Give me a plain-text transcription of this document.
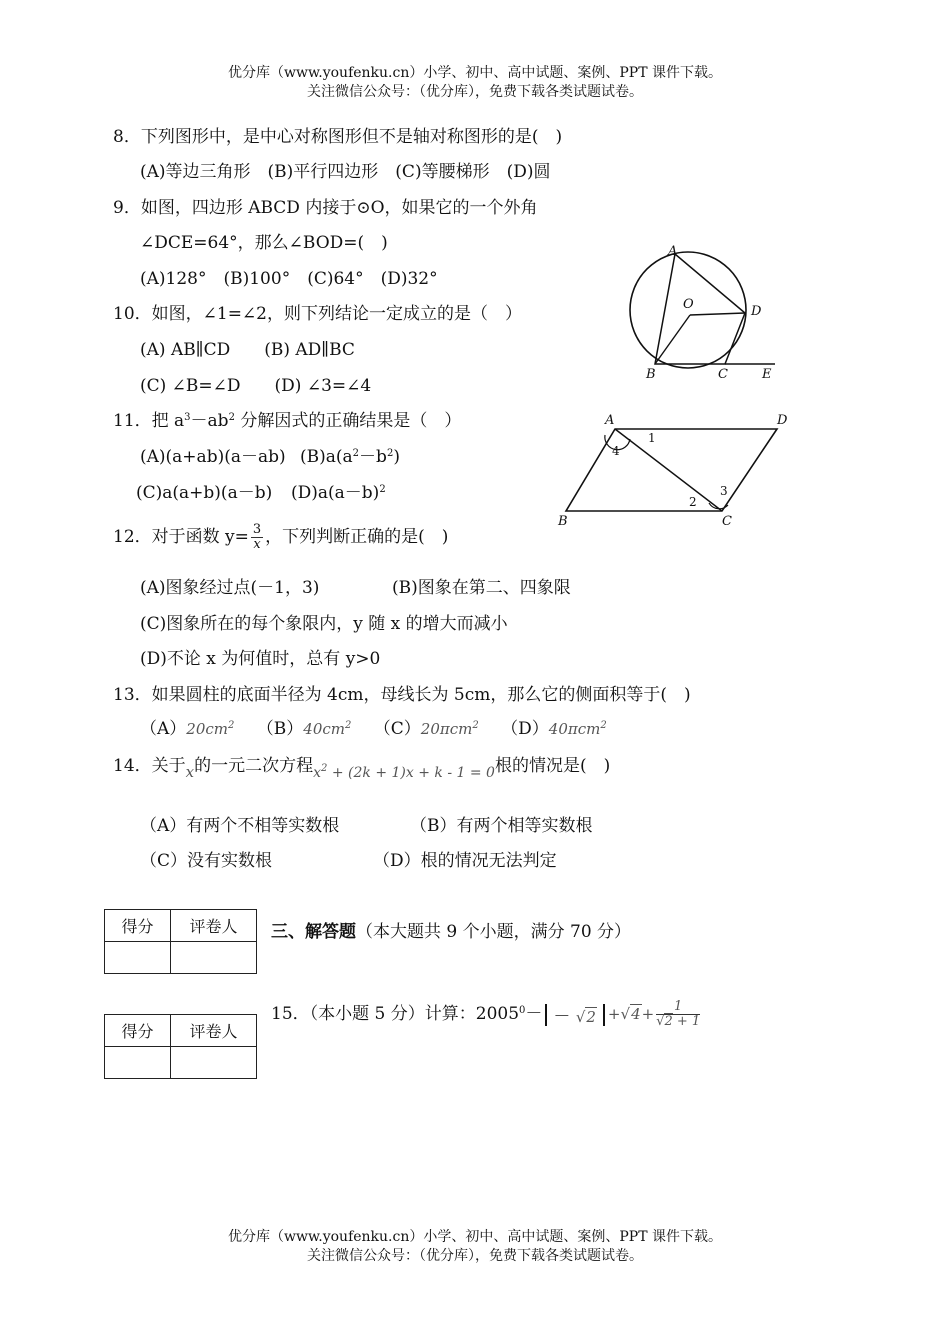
优分库（www.youfenku.cn）小学、初中、高中试题、案例、PPT 课件下载。
关注微信公众号：（优分库），免费下载各类试题试卷。
8．下列图形中，是中心对称图形但不是轴对称图形的是(　)
(A)等边三角形　(B)平行四边形　(C)等腰梯形　(D)圆
9．如图，四边形 ABCD 内接于⊙O，如果它的一个外角
∠DCE=64°，那么∠BOD=(　)
(A)128°　(B)100°　(C)64°　(D)32°
A
O	D
B	C	E
10．如图，∠1=∠2，则下列结论一定成立的是（　）
(A) AB∥CD　　(B) AD∥BC
(C) ∠B=∠D　　(D) ∠3=∠4
A	D
B	C
1
2
3
4
11．把 $a^3-ab^2$ 分解因式的正确结果是（　）
(A)(a+ab)(a－ab) $(B)a(a^2-b^2)$
(C)a(a+b)(a－b) $(D)a(a-b)^2$
12．对于函数 $y= \frac{3}{x}$ ，下列判断正确的是(　)
(A)图象经过点(－1，3)	(B)图象在第二、四象限
(C)图象所在的每个象限内，y 随 x 的增大而减小
(D)不论 x 为何值时，总有 y>0
13．如果圆柱的底面半径为 4cm，母线长为 5cm，那么它的侧面积等于(　)
$(A)20cm^2$   $(B)40cm^2$   （C）20πcm$^2$   （D）40πcm$^2$
14．关于x的一元二次方程$_{x^2 + (2k + 1)x + k - 1 = 0}$根的情况是(　)
（A）有两个不相等实数根	（B）有两个相等实数根
（C）没有实数根	（D）根的情况无法判定
得分	评卷人
	三、解答题（本大题共 9 个小题，满分 70 分）
得分	评卷人

15．（本小题 5 分）计算：$2005^0- - √2 +√4+ \frac{1}{√2 + 1}$
优分库（www.youfenku.cn）小学、初中、高中试题、案例、PPT 课件下载。
关注微信公众号：（优分库），免费下载各类试题试卷。
